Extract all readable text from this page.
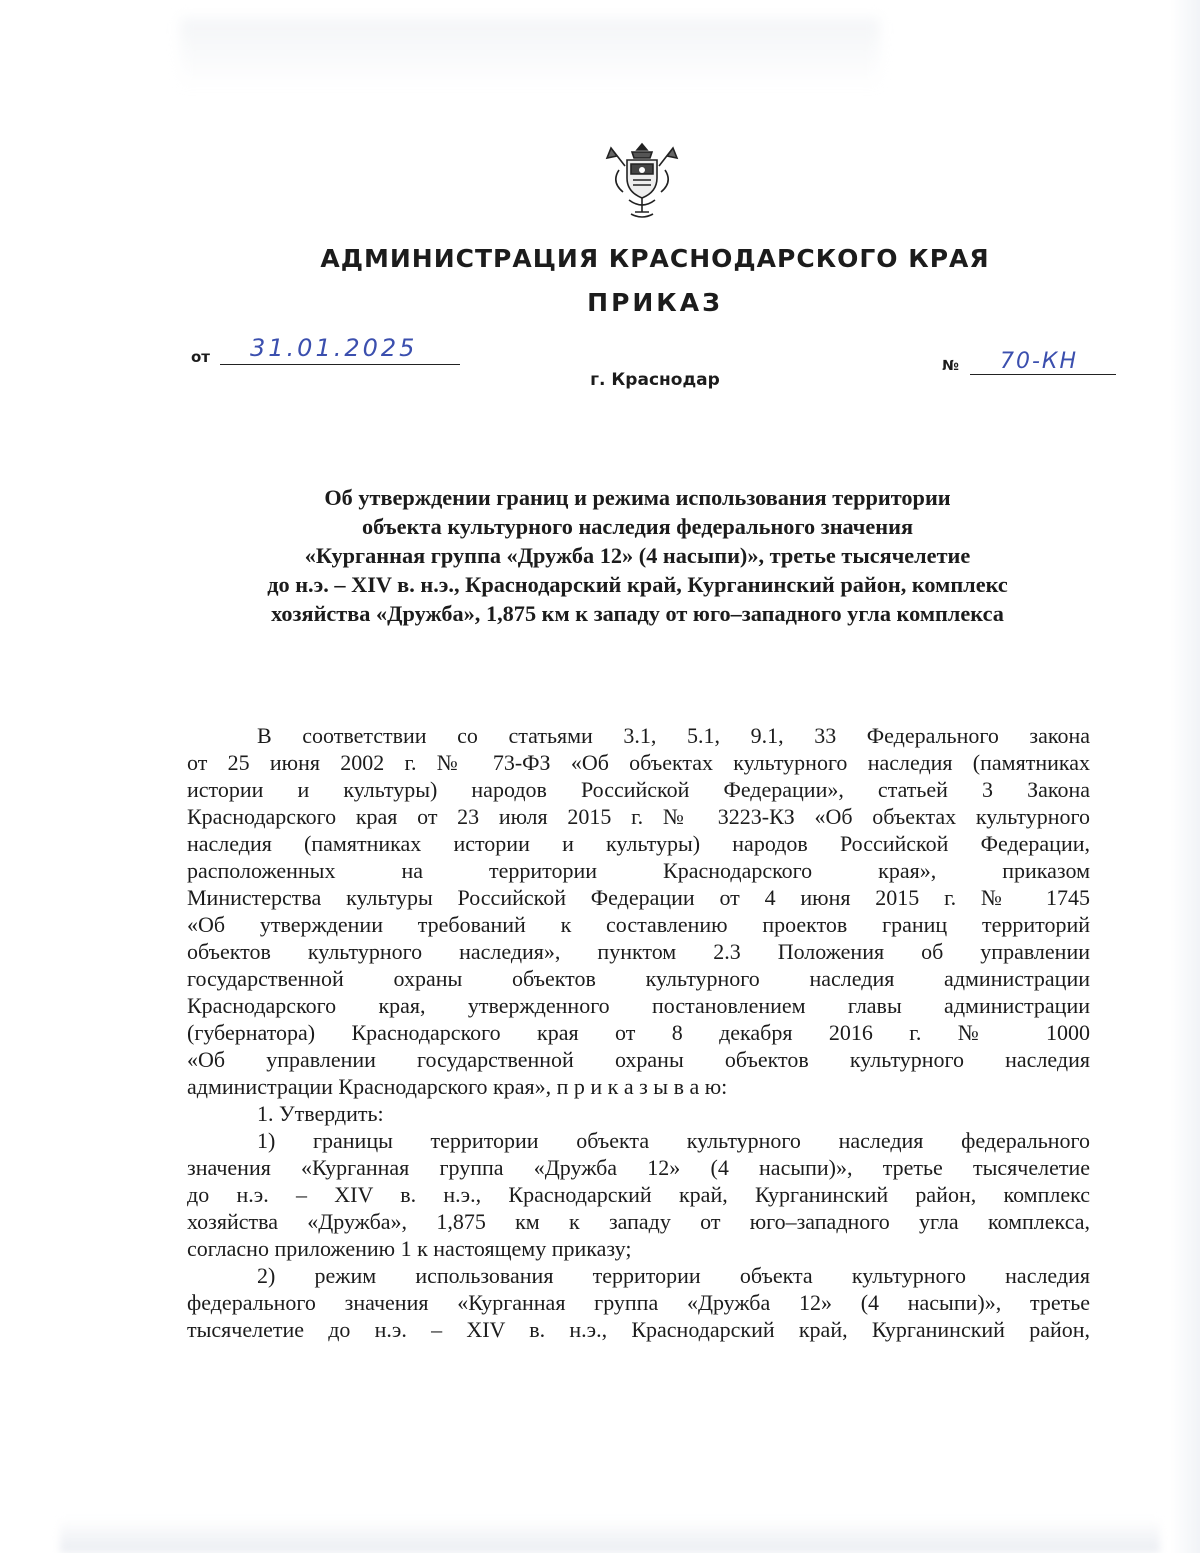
АДМИНИСТРАЦИЯ КРАСНОДАРСКОГО КРАЯ
ПРИКАЗ
от 31.01.2025
г. Краснодар
№ 70-КН
Об утверждении границ и режима использования территории
объекта культурного наследия федерального значения
«Курганная группа «Дружба 12» (4 насыпи)», третье тысячелетие
до н.э. – XIV в. н.э., Краснодарский край, Курганинский район, комплекс
хозяйства «Дружба», 1,875 км к западу от юго–западного угла комплекса
В соответствии со статьями 3.1, 5.1, 9.1, 33 Федерального закона
от 25 июня 2002 г. № 73-ФЗ «Об объектах культурного наследия (памятниках
истории и культуры) народов Российской Федерации», статьей 3 Закона
Краснодарского края от 23 июля 2015 г. № 3223-КЗ «Об объектах культурного
наследия (памятниках истории и культуры) народов Российской Федерации,
расположенных на территории Краснодарского края», приказом
Министерства культуры Российской Федерации от 4 июня 2015 г. № 1745
«Об утверждении требований к составлению проектов границ территорий
объектов культурного наследия», пунктом 2.3 Положения об управлении
государственной охраны объектов культурного наследия администрации
Краснодарского края, утвержденного постановлением главы администрации
(губернатора) Краснодарского края от 8 декабря 2016 г. № 1000
«Об управлении государственной охраны объектов культурного наследия
администрации Краснодарского края», п р и к а з ы в а ю:
1. Утвердить:
1) границы территории объекта культурного наследия федерального
значения «Курганная группа «Дружба 12» (4 насыпи)», третье тысячелетие
до н.э. – XIV в. н.э., Краснодарский край, Курганинский район, комплекс
хозяйства «Дружба», 1,875 км к западу от юго–западного угла комплекса,
согласно приложению 1 к настоящему приказу;
2) режим использования территории объекта культурного наследия
федерального значения «Курганная группа «Дружба 12» (4 насыпи)», третье
тысячелетие до н.э. – XIV в. н.э., Краснодарский край, Курганинский район,
